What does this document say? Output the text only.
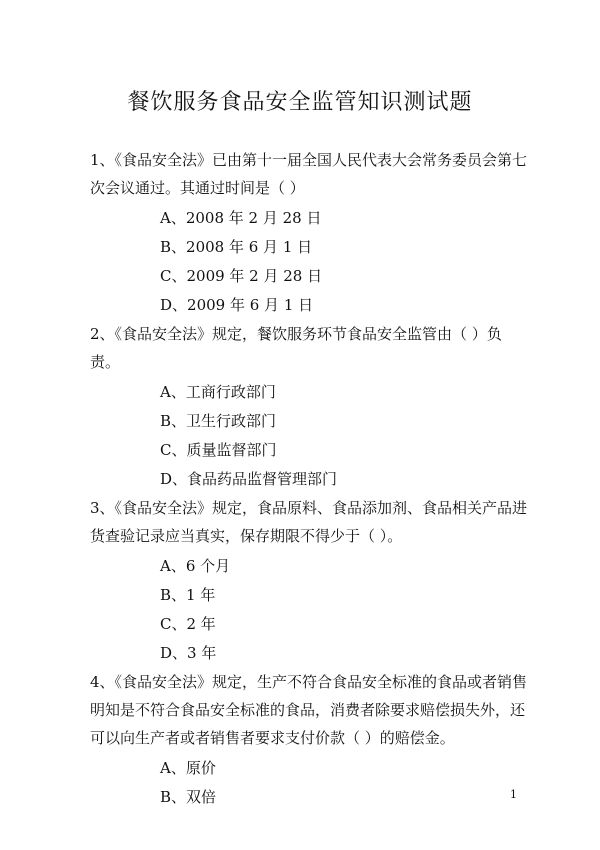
餐饮服务食品安全监管知识测试题
1、《食品安全法》已由第十一届全国人民代表大会常务委员会第七次会议通过。其通过时间是（ ）
A、2008 年 2 月 28 日
B、2008 年 6 月 1 日
C、2009 年 2 月 28 日
D、2009 年 6 月 1 日
2、《食品安全法》规定，餐饮服务环节食品安全监管由（ ）负责。
A、工商行政部门
B、卫生行政部门
C、质量监督部门
D、食品药品监督管理部门
3、《食品安全法》规定，食品原料、食品添加剂、食品相关产品进货查验记录应当真实，保存期限不得少于（ ）。
A、6 个月
B、1 年
C、2 年
D、3 年
4、《食品安全法》规定，生产不符合食品安全标准的食品或者销售明知是不符合食品安全标准的食品，消费者除要求赔偿损失外，还可以向生产者或者销售者要求支付价款（ ）的赔偿金。
A、原价
B、双倍	1
